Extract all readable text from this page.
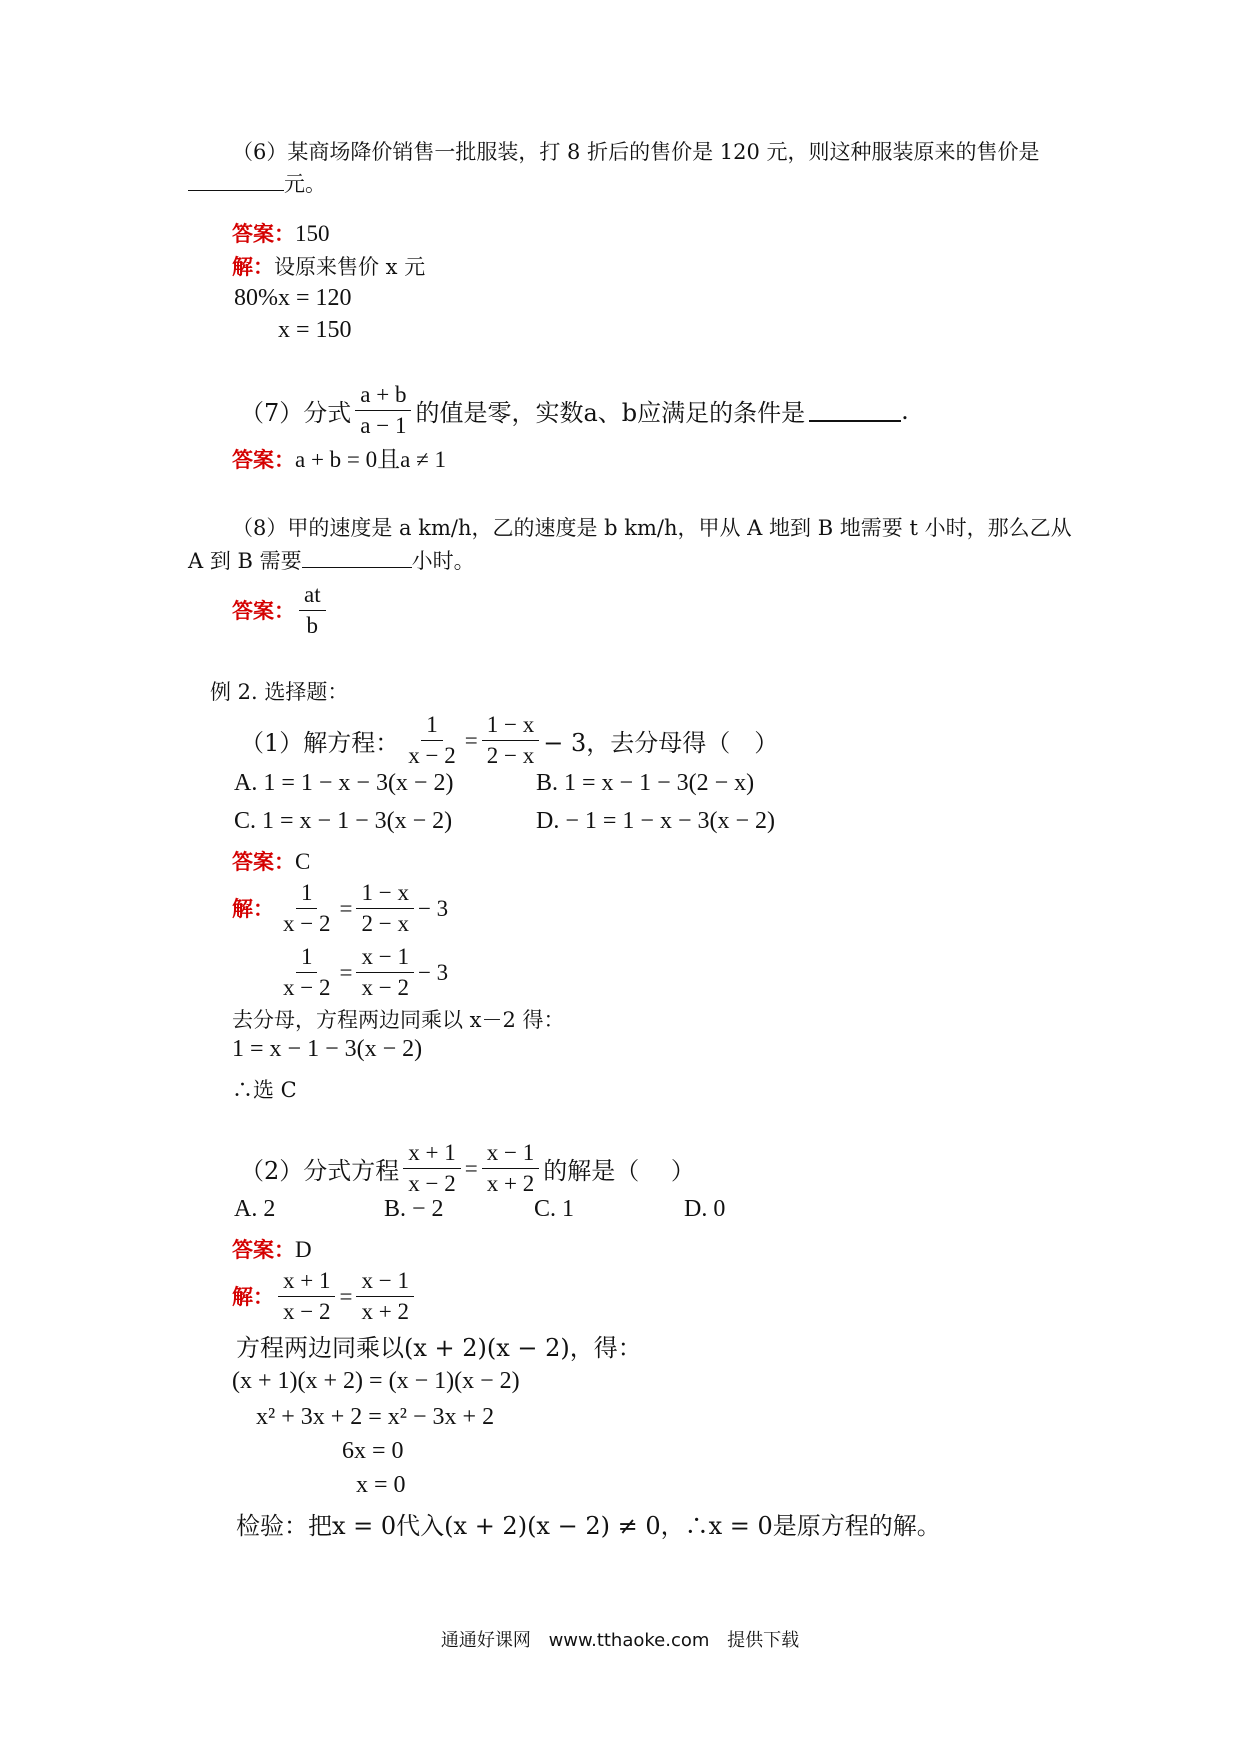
（6）某商场降价销售一批服装，打 8 折后的售价是 120 元，则这种服装原来的售价是
元。
答案：150
解：设原来售价 x 元
80%x = 120
x = 150
（7）分式 $\frac{a + b}{a - 1}$ 的值是零，实数a、b应满足的条件是	.
答案：a + b = 0且a ≠ 1
（8）甲的速度是 a km/h，乙的速度是 b km/h，甲从 A 地到 B 地需要 t 小时，那么乙从
A 到 B 需要	小时。
答案： $\frac{at}{b}$
例 2. 选择题：
（1）解方程： $\frac{1}{x - 2} = \frac{1 - x}{2 - x} - 3$，去分母得（　）
A. 1 = 1 − x − 3(x − 2)	B. 1 = x − 1 − 3(2 − x)
C. 1 = x − 1 − 3(x − 2)	D. − 1 = 1 − x − 3(x − 2)
答案：C
解： $\frac{1}{x - 2} = \frac{1 - x}{2 - x} - 3$
$\frac{1}{x - 2} = \frac{x - 1}{x - 2} - 3$
去分母，方程两边同乘以 x－2 得：
1 = x − 1 − 3(x − 2)
∴选 C
（2）分式方程 $\frac{x + 1}{x - 2} = \frac{x - 1}{x + 2}$ 的解是（　 ）
A. 2	B. − 2	C. 1	D. 0
答案：D
解： $\frac{x + 1}{x - 2} = \frac{x - 1}{x + 2}$
方程两边同乘以(x + 2)(x − 2)，得：
(x + 1)(x + 2) = (x − 1)(x − 2)
x² + 3x + 2 = x² − 3x + 2
6x = 0
x = 0
检验：把x = 0代入(x + 2)(x − 2) ≠ 0，∴x = 0是原方程的解。
通通好课网 www.tthaoke.com 提供下载
